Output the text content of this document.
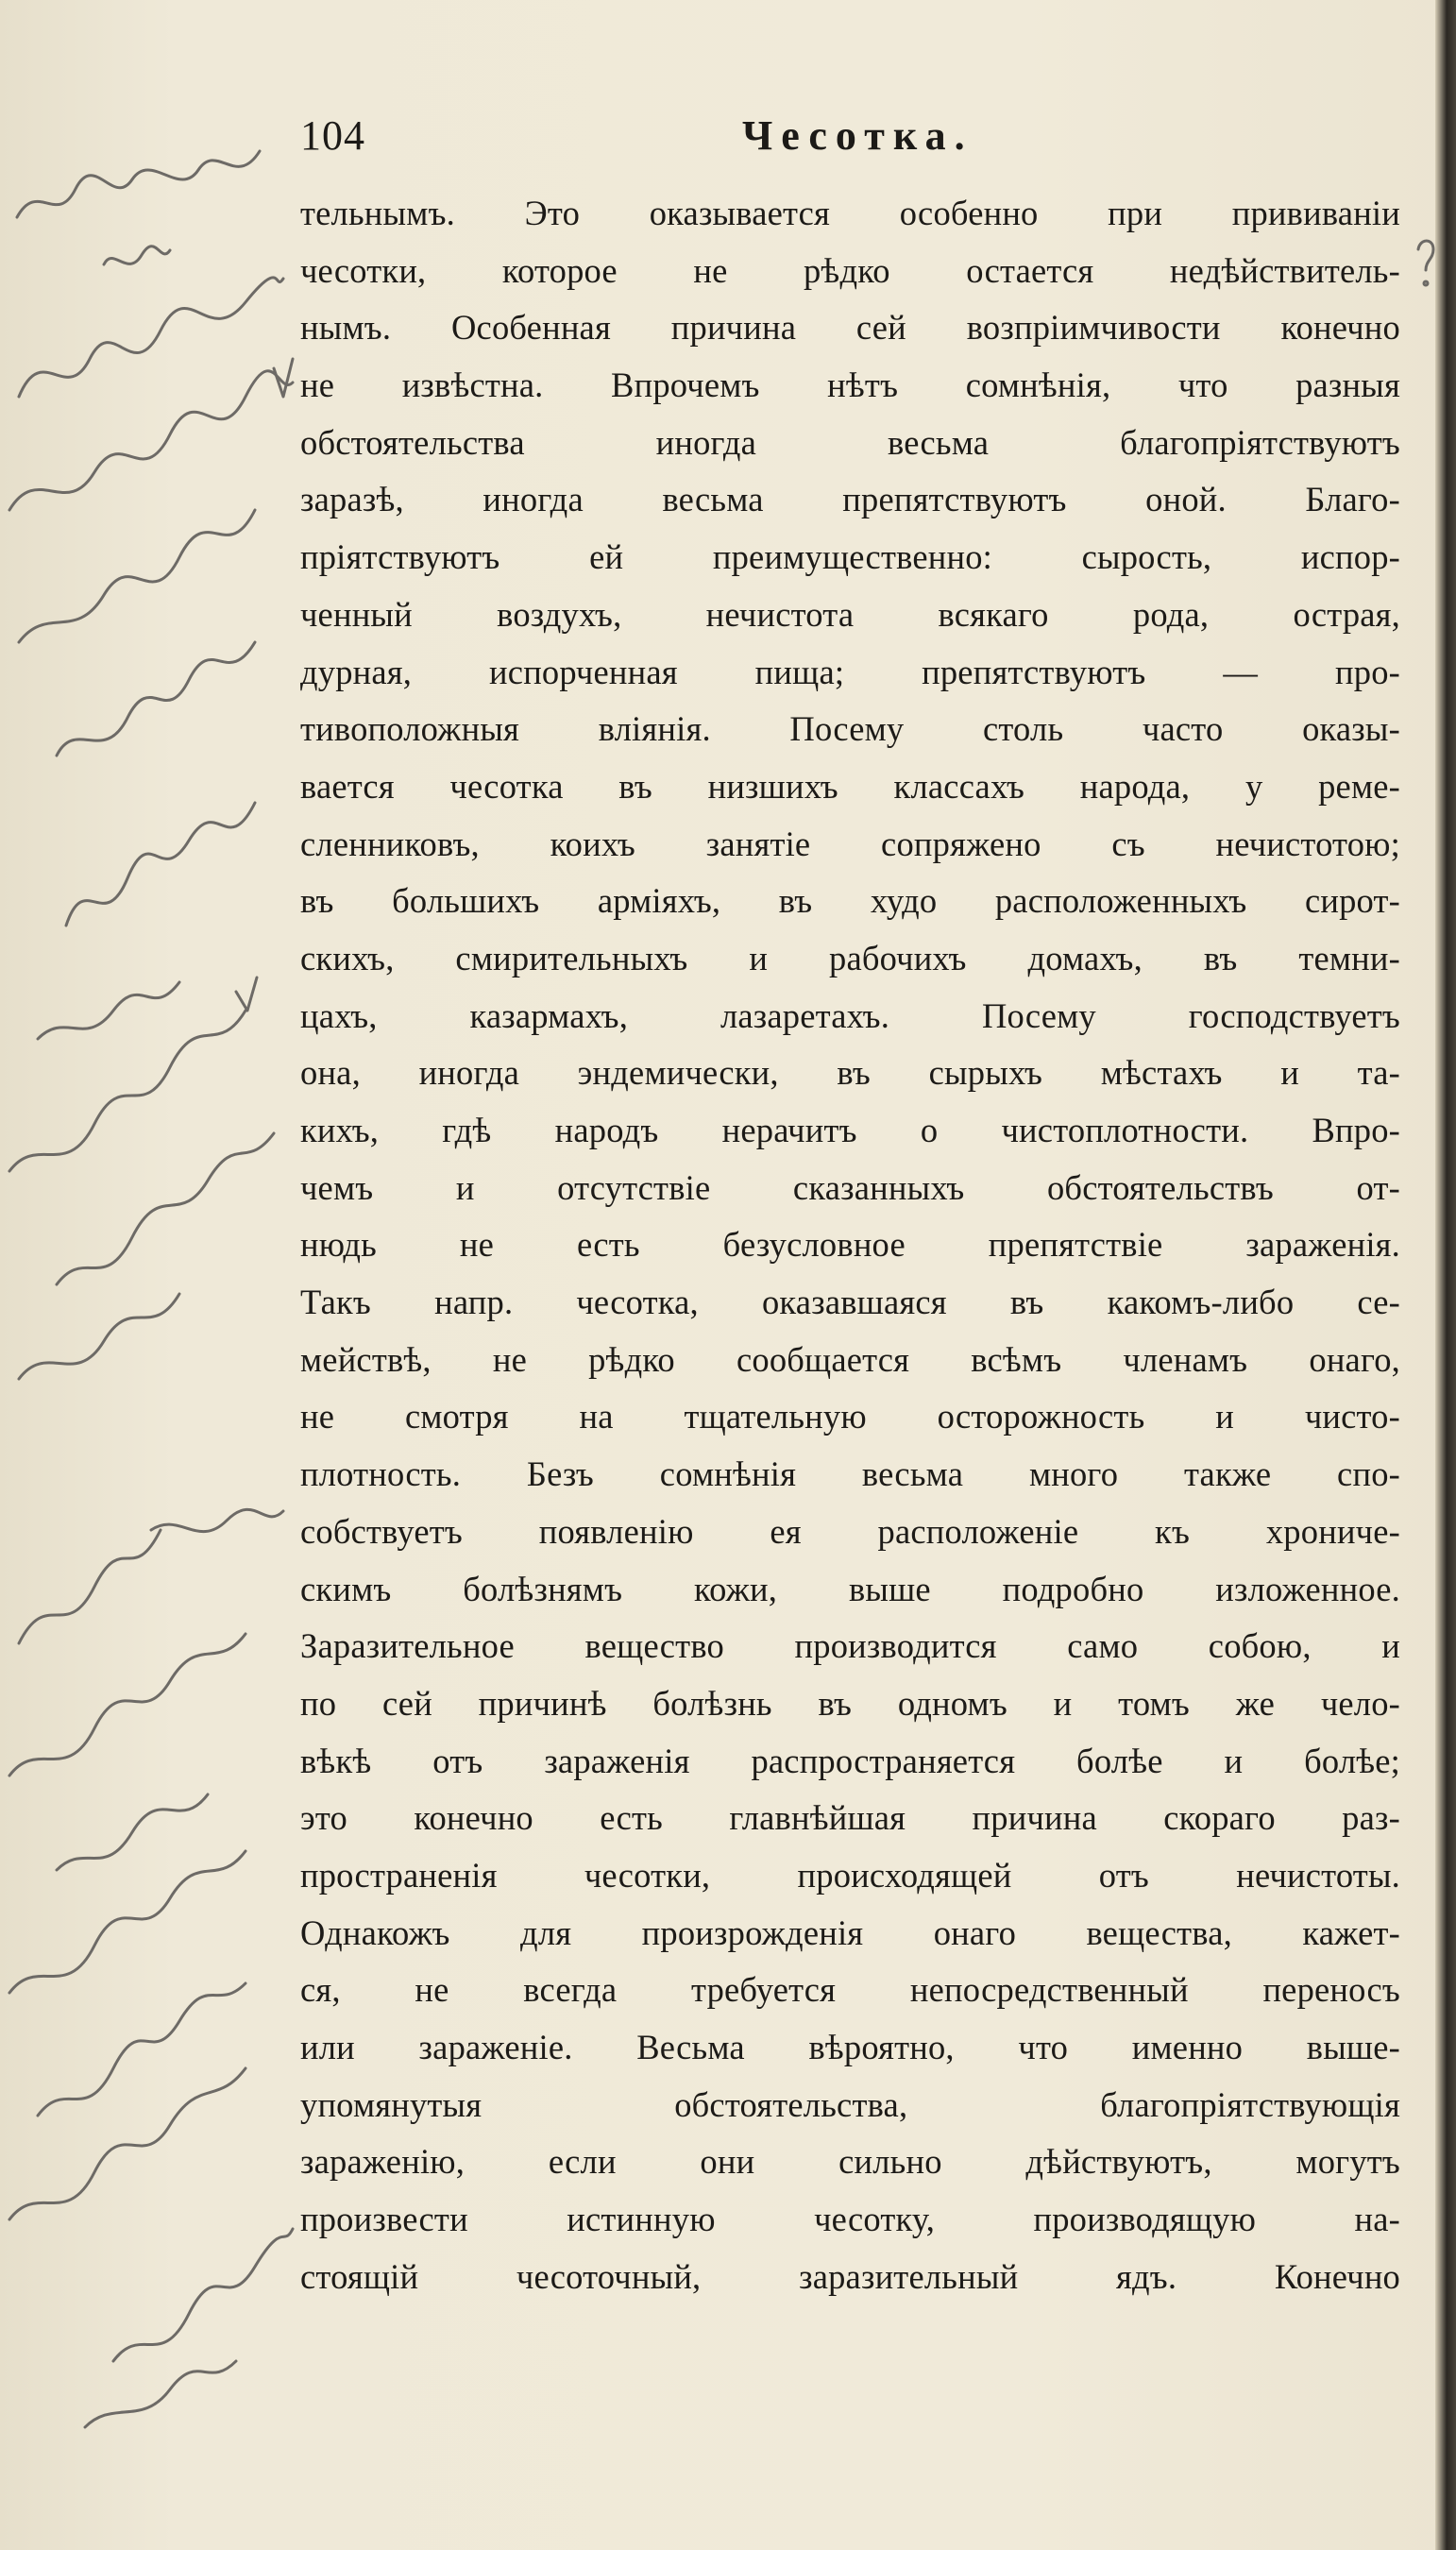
104	Чесотка.
тельнымъ. Это оказывается особенно при прививаніи
чесотки, которое не рѣдко остается недѣйствитель-
нымъ. Особенная причина сей возпріимчивости конечно
не извѣстна. Впрочемъ нѣтъ сомнѣнія, что разныя
обстоятельства иногда весьма благопріятствуютъ
заразѣ, иногда весьма препятствуютъ оной. Благо-
пріятствуютъ ей преимущественно: сырость, испор-
ченный воздухъ, нечистота всякаго рода, острая,
дурная, испорченная пища; препятствуютъ — про-
тивоположныя вліянія. Посему столь часто оказы-
вается чесотка въ низшихъ классахъ народа, у реме-
сленниковъ, коихъ занятіе сопряжено съ нечистотою;
въ большихъ арміяхъ, въ худо расположенныхъ сирот-
скихъ, смирительныхъ и рабочихъ домахъ, въ темни-
цахъ, казармахъ, лазаретахъ. Посему господствуетъ
она, иногда эндемически, въ сырыхъ мѣстахъ и та-
кихъ, гдѣ народъ нерачитъ о чистоплотности. Впро-
чемъ и отсутствіе сказанныхъ обстоятельствъ от-
нюдь не есть безусловное препятствіе зараженія.
Такъ напр. чесотка, оказавшаяся въ какомъ-либо се-
мействѣ, не рѣдко сообщается всѣмъ членамъ онаго,
не смотря на тщательную осторожность и чисто-
плотность. Безъ сомнѣнія весьма много также спо-
собствуетъ появленію ея расположеніе къ хрониче-
скимъ болѣзнямъ кожи, выше подробно изложенное.
Заразительное вещество производится само собою, и
по сей причинѣ болѣзнь въ одномъ и томъ же чело-
вѣкѣ отъ зараженія распространяется болѣе и болѣе;
это конечно есть главнѣйшая причина скораго раз-
пространенія чесотки, происходящей отъ нечистоты.
Однакожъ для произрожденія онаго вещества, кажет-
ся, не всегда требуется непосредственный переносъ
или зараженіе. Весьма вѣроятно, что именно выше-
упомянутыя обстоятельства, благопріятствующія
зараженію, если они сильно дѣйствуютъ, могутъ
произвести истинную чесотку, производящую на-
стоящій чесоточный, заразительный ядъ. Конечно
